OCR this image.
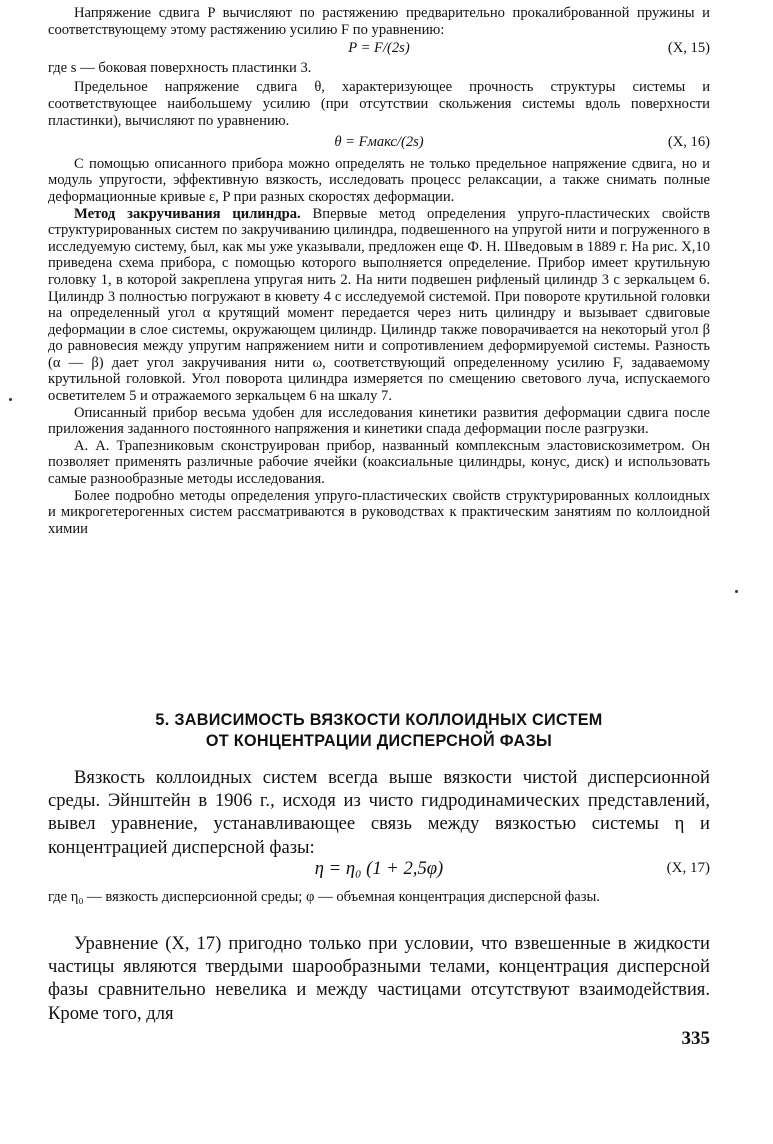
Напряжение сдвига P вычисляют по растяжению предварительно прокалиброванной пружины и соответствующему этому растяжению усилию F по уравнению:

P = F/(2s)	(X, 15)

где s — боковая поверхность пластинки 3.

Предельное напряжение сдвига θ, характеризующее прочность структуры системы и соответствующее наибольшему усилию (при отсутствии скольжения системы вдоль поверхности пластинки), вычисляют по уравнению.

θ = Fмакс/(2s)	(X, 16)

С помощью описанного прибора можно определять не только предельное напряжение сдвига, но и модуль упругости, эффективную вязкость, исследовать процесс релаксации, а также снимать полные деформационные кривые ε, P при разных скоростях деформации.

Метод закручивания цилиндра. Впервые метод определения упруго-пластических свойств структурированных систем по закручиванию цилиндра, подвешенного на упругой нити и погруженного в исследуемую систему, был, как мы уже указывали, предложен еще Ф. Н. Шведовым в 1889 г. На рис. X,10 приведена схема прибора, с помощью которого выполняется определение. Прибор имеет крутильную головку 1, в которой закреплена упругая нить 2. На нити подвешен рифленый цилиндр 3 с зеркальцем 6. Цилиндр 3 полностью погружают в кювету 4 с исследуемой системой. При повороте крутильной головки на определенный угол α крутящий момент передается через нить цилиндру и вызывает сдвиговые деформации в слое системы, окружающем цилиндр. Цилиндр также поворачивается на некоторый угол β до равновесия между упругим напряжением нити и сопротивлением деформируемой системы. Разность (α — β) дает угол закручивания нити ω, соответствующий определенному усилию F, задаваемому крутильной головкой. Угол поворота цилиндра измеряется по смещению светового луча, испускаемого осветителем 5 и отражаемого зеркальцем 6 на шкалу 7.

Описанный прибор весьма удобен для исследования кинетики развития деформации сдвига после приложения заданного постоянного напряжения и кинетики спада деформации после разгрузки.

А. А. Трапезниковым сконструирован прибор, названный комплексным эластовискозиметром. Он позволяет применять различные рабочие ячейки (коаксиальные цилиндры, конус, диск) и использовать самые разнообразные методы исследования.

Более подробно методы определения упруго-пластических свойств структурированных коллоидных и микрогетерогенных систем рассматриваются в руководствах к практическим занятиям по коллоидной химии

5. ЗАВИСИМОСТЬ ВЯЗКОСТИ КОЛЛОИДНЫХ СИСТЕМ
ОТ КОНЦЕНТРАЦИИ ДИСПЕРСНОЙ ФАЗЫ

Вязкость коллоидных систем всегда выше вязкости чистой дисперсионной среды. Эйнштейн в 1906 г., исходя из чисто гидродинамических представлений, вывел уравнение, устанавливающее связь между вязкостью системы η и концентрацией дисперсной фазы:

η = η₀ (1 + 2,5φ)	(X, 17)

где η₀ — вязкость дисперсионной среды; φ — объемная концентрация дисперсной фазы.

Уравнение (X, 17) пригодно только при условии, что взвешенные в жидкости частицы являются твердыми шарообразными телами, концентрация дисперсной фазы сравнительно невелика и между частицами отсутствуют взаимодействия. Кроме того, для

335
